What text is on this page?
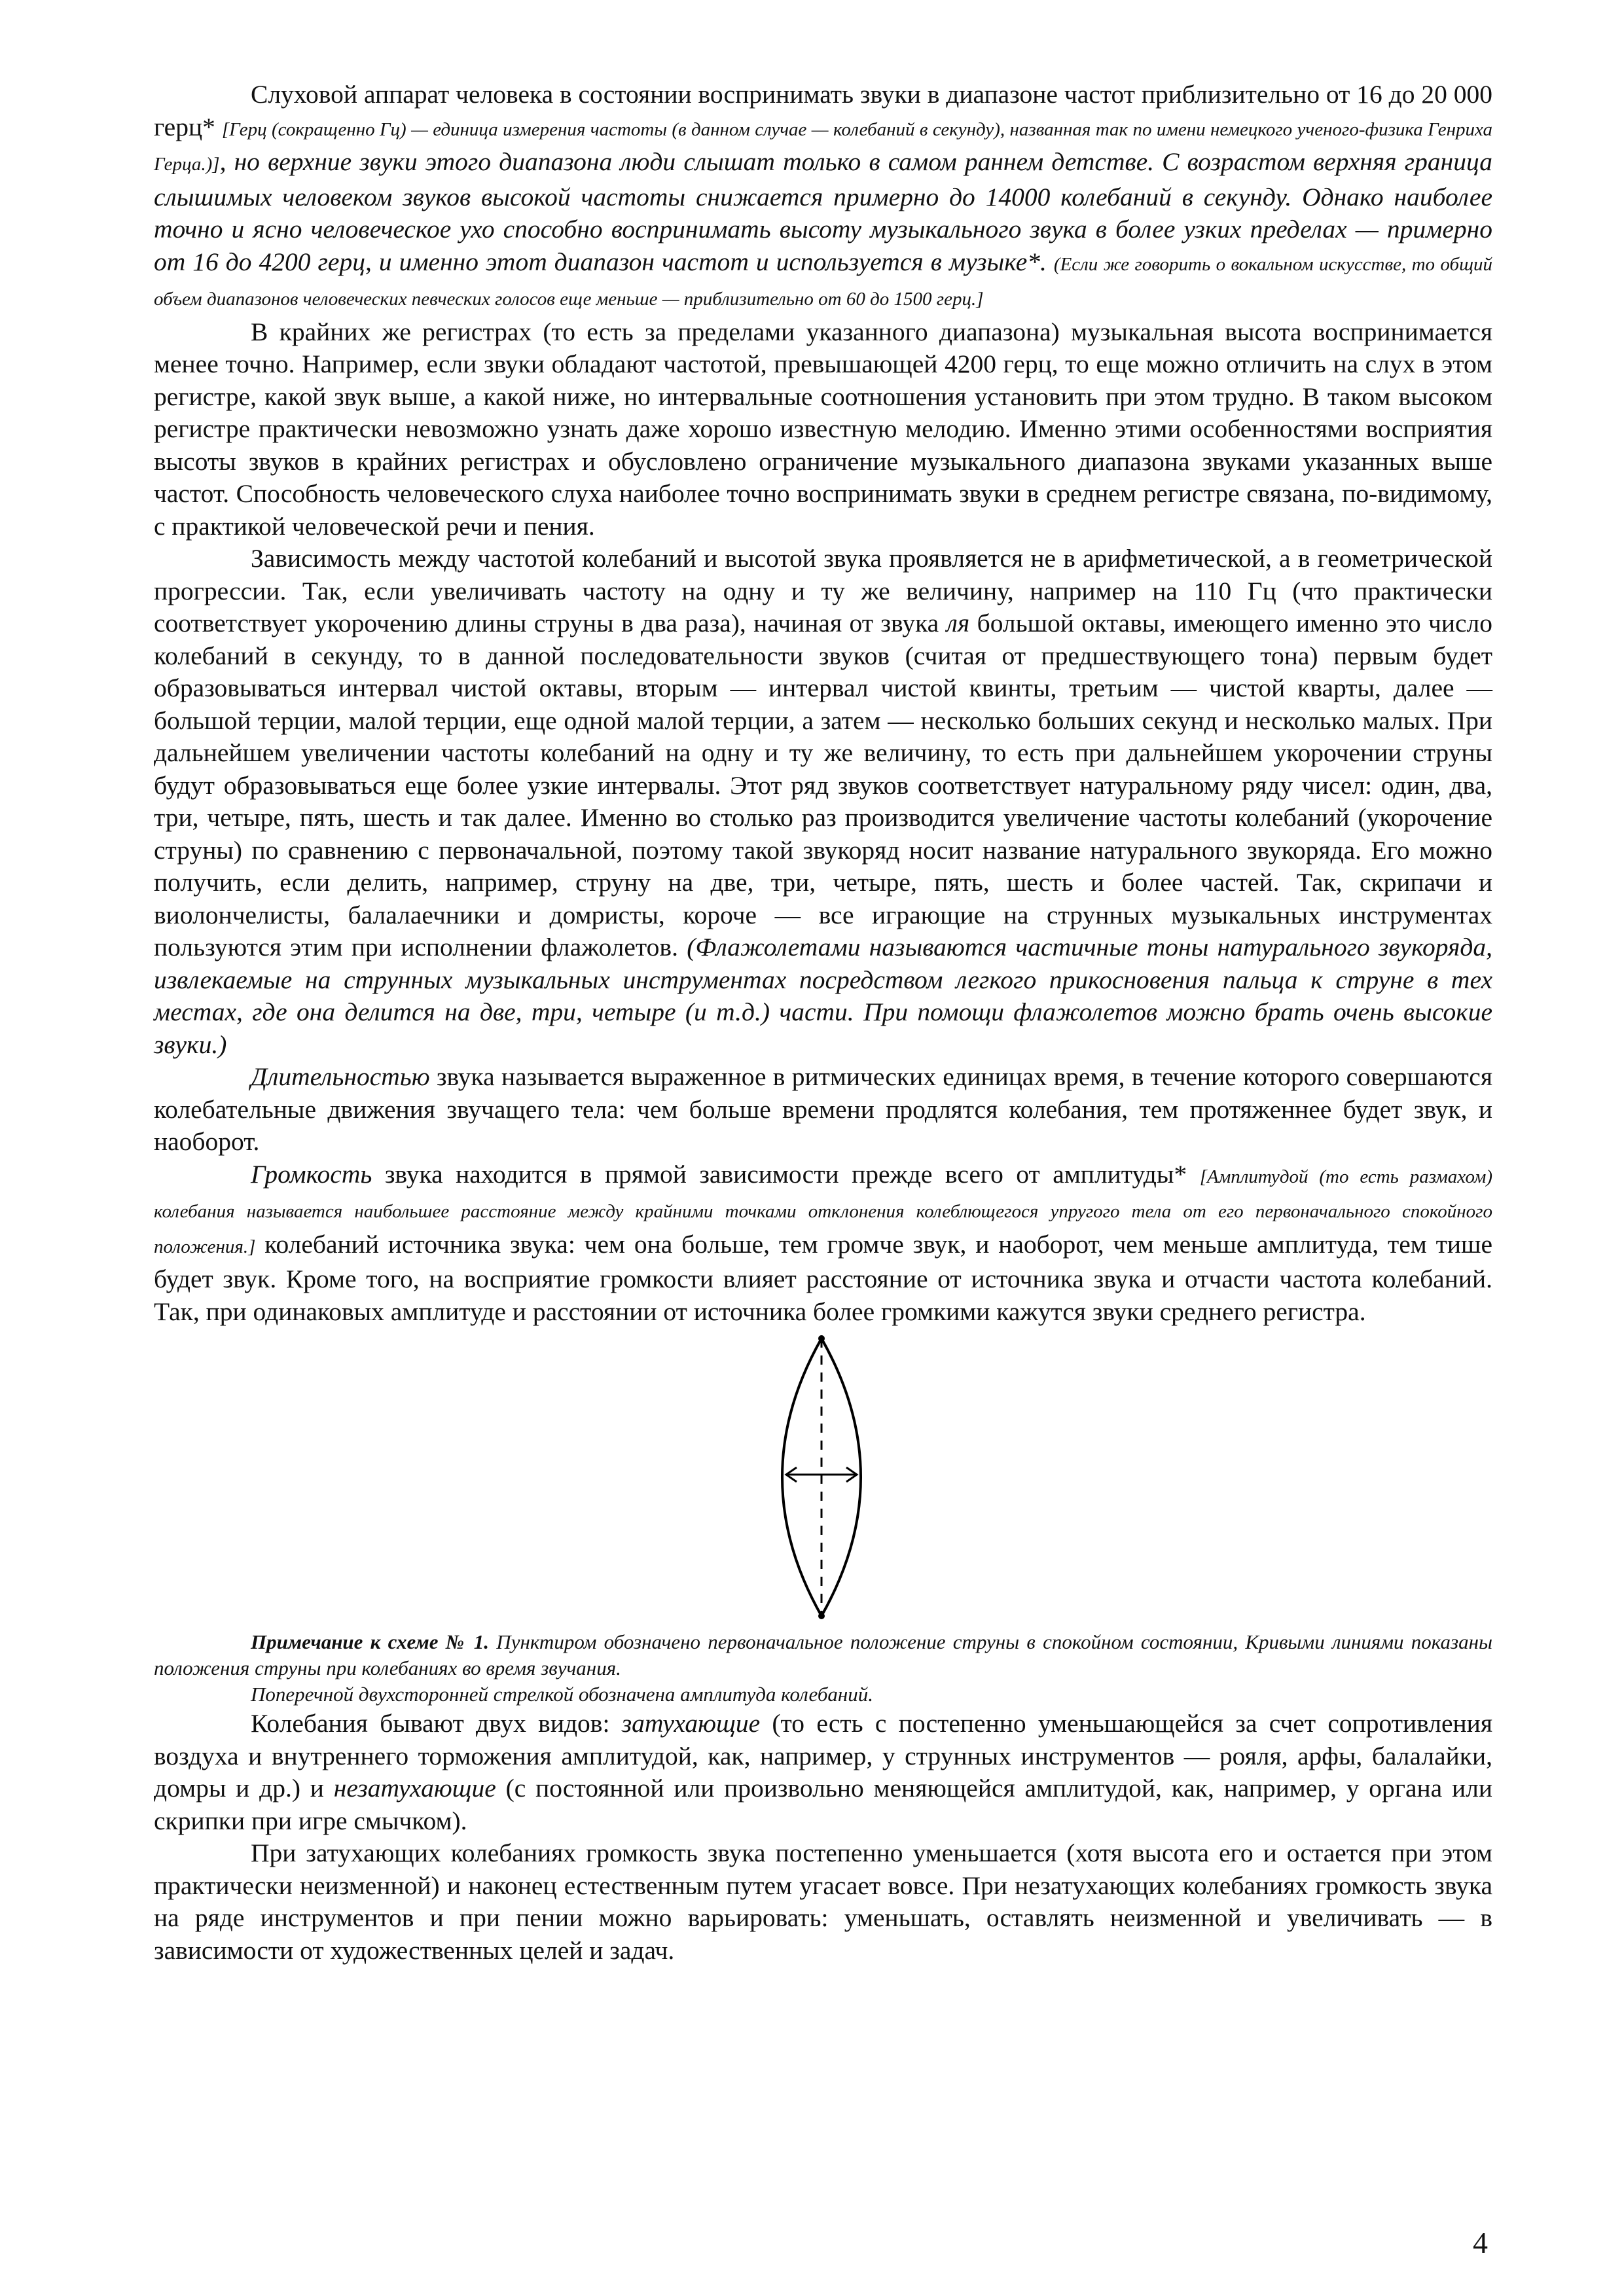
Слуховой аппарат человека в состоянии воспринимать звуки в диапазоне частот приблизительно от 16 до 20 000 герц* [Герц (сокращенно Гц) — единица измерения частоты (в данном случае — колебаний в секунду), названная так по имени немецкого ученого-физика Генриха Герца.)], но верхние звуки этого диапазона люди слышат только в самом раннем детстве. С возрастом верхняя граница слышимых человеком звуков высокой частоты снижается примерно до 14000 колебаний в секунду. Однако наиболее точно и ясно человеческое ухо способно воспринимать высоту музыкального звука в более узких пределах — примерно от 16 до 4200 герц, и именно этот диапазон частот и используется в музыке*. (Если же говорить о вокальном искусстве, то общий объем диапазонов человеческих певческих голосов еще меньше — приблизительно от 60 до 1500 герц.]

В крайних же регистрах (то есть за пределами указанного диапазона) музыкальная высота воспринимается менее точно. Например, если звуки обладают частотой, превышающей 4200 герц, то еще можно отличить на слух в этом регистре, какой звук выше, а какой ниже, но интервальные соотношения установить при этом трудно. В таком высоком регистре практически невозможно узнать даже хорошо известную мелодию. Именно этими особенностями восприятия высоты звуков в крайних регистрах и обусловлено ограничение музыкального диапазона звуками указанных выше частот. Способность человеческого слуха наиболее точно воспринимать звуки в среднем регистре связана, по-видимому, с практикой человеческой речи и пения.

Зависимость между частотой колебаний и высотой звука проявляется не в арифметической, а в геометрической прогрессии. Так, если увеличивать частоту на одну и ту же величину, например на 110 Гц (что практически соответствует укорочению длины струны в два раза), начиная от звука ля большой октавы, имеющего именно это число колебаний в секунду, то в данной последовательности звуков (считая от предшествующего тона) первым будет образовываться интервал чистой октавы, вторым — интервал чистой квинты, третьим — чистой кварты, далее — большой терции, малой терции, еще одной малой терции, а затем — несколько больших секунд и несколько малых. При дальнейшем увеличении частоты колебаний на одну и ту же величину, то есть при дальнейшем укорочении струны будут образовываться еще более узкие интервалы. Этот ряд звуков соответствует натуральному ряду чисел: один, два, три, четыре, пять, шесть и так далее. Именно во столько раз производится увеличение частоты колебаний (укорочение струны) по сравнению с первоначальной, поэтому такой звукоряд носит название натурального звукоряда. Его можно получить, если делить, например, струну на две, три, четыре, пять, шесть и более частей. Так, скрипачи и виолончелисты, балалаечники и домристы, короче — все играющие на струнных музыкальных инструментах пользуются этим при исполнении флажолетов. (Флажолетами называются частичные тоны натурального звукоряда, извлекаемые на струнных музыкальных инструментах посредством легкого прикосновения пальца к струне в тех местах, где она делится на две, три, четыре (и т.д.) части. При помощи флажолетов можно брать очень высокие звуки.)

Длительностью звука называется выраженное в ритмических единицах время, в течение которого совершаются колебательные движения звучащего тела: чем больше времени продлятся колебания, тем протяженнее будет звук, и наоборот.

Громкость звука находится в прямой зависимости прежде всего от амплитуды* [Амплитудой (то есть размахом) колебания называется наибольшее расстояние между крайними точками отклонения колеблющегося упругого тела от его первоначального спокойного положения.] колебаний источника звука: чем она больше, тем громче звук, и наоборот, чем меньше амплитуда, тем тише будет звук. Кроме того, на восприятие громкости влияет расстояние от источника звука и отчасти частота колебаний. Так, при одинаковых амплитуде и расстоянии от источника более громкими кажутся звуки среднего регистра.

Примечание к схеме № 1. Пунктиром обозначено первоначальное положение струны в спокойном состоянии, Кривыми линиями показаны положения струны при колебаниях во время звучания.

Поперечной двухсторонней стрелкой обозначена амплитуда колебаний.

Колебания бывают двух видов: затухающие (то есть с постепенно уменьшающейся за счет сопротивления воздуха и внутреннего торможения амплитудой, как, например, у струнных инструментов — рояля, арфы, балалайки, домры и др.) и незатухающие (с постоянной или произвольно меняющейся амплитудой, как, например, у органа или скрипки при игре смычком).

При затухающих колебаниях громкость звука постепенно уменьшается (хотя высота его и остается при этом практически неизменной) и наконец естественным путем угасает вовсе. При незатухающих колебаниях громкость звука на ряде инструментов и при пении можно варьировать: уменьшать, оставлять неизменной и увеличивать — в зависимости от художественных целей и задач.

4
